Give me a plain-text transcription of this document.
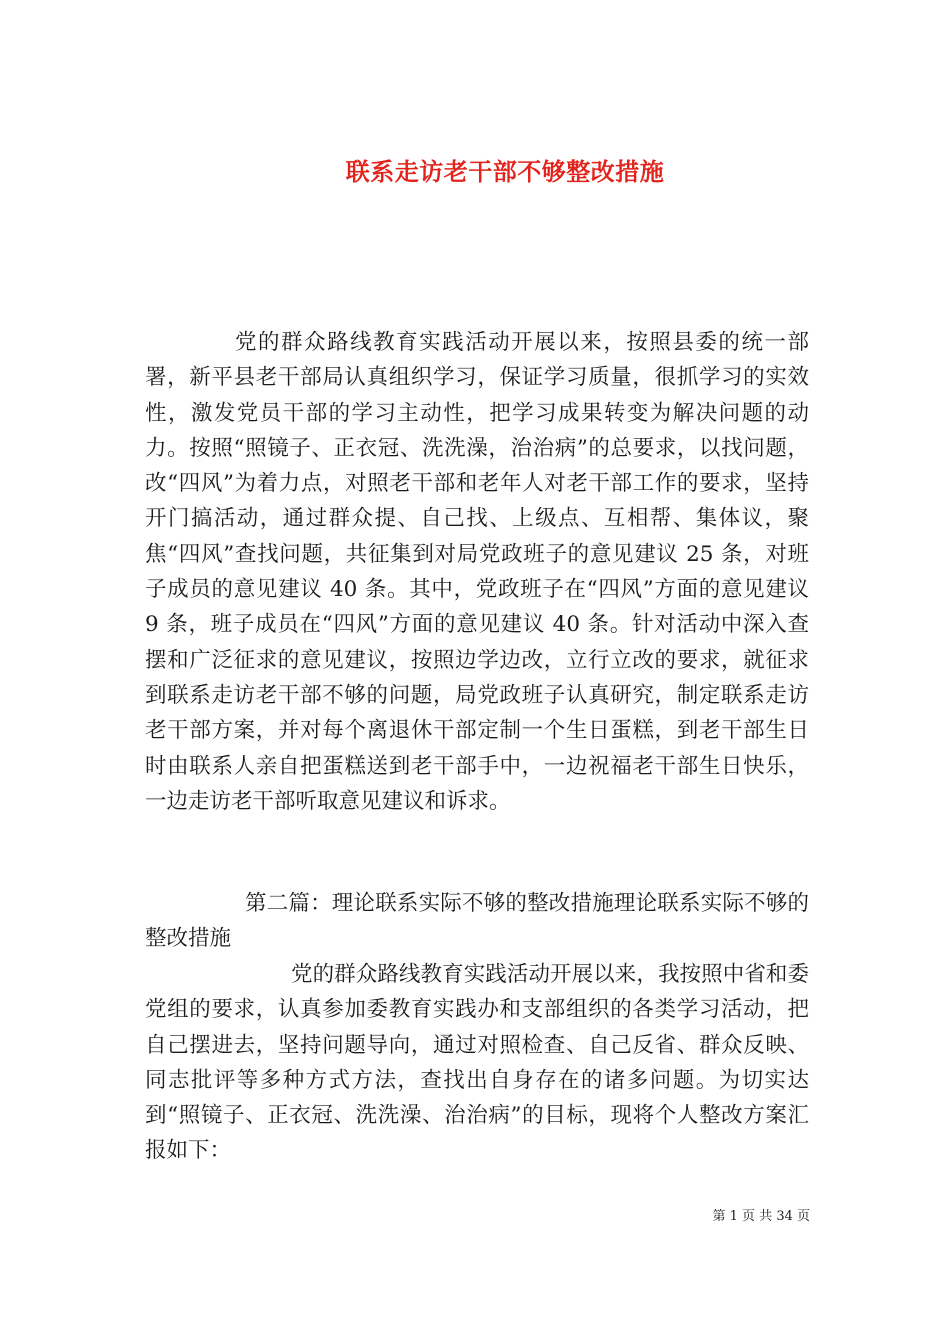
联系走访老干部不够整改措施

党的群众路线教育实践活动开展以来，按照县委的统一部署，新平县老干部局认真组织学习，保证学习质量，很抓学习的实效性，激发党员干部的学习主动性，把学习成果转变为解决问题的动力。按照“照镜子、正衣冠、洗洗澡，治治病”的总要求，以找问题，改“四风”为着力点，对照老干部和老年人对老干部工作的要求，坚持开门搞活动，通过群众提、自己找、上级点、互相帮、集体议，聚焦“四风”查找问题，共征集到对局党政班子的意见建议 25 条，对班子成员的意见建议 40 条。其中，党政班子在“四风”方面的意见建议 9 条，班子成员在“四风”方面的意见建议 40 条。针对活动中深入查摆和广泛征求的意见建议，按照边学边改，立行立改的要求，就征求到联系走访老干部不够的问题，局党政班子认真研究，制定联系走访老干部方案，并对每个离退休干部定制一个生日蛋糕，到老干部生日时由联系人亲自把蛋糕送到老干部手中，一边祝福老干部生日快乐，一边走访老干部听取意见建议和诉求。

第二篇：理论联系实际不够的整改措施理论联系实际不够的整改措施

党的群众路线教育实践活动开展以来，我按照中省和委党组的要求，认真参加委教育实践办和支部组织的各类学习活动，把自己摆进去，坚持问题导向，通过对照检查、自己反省、群众反映、同志批评等多种方式方法，查找出自身存在的诸多问题。为切实达到“照镜子、正衣冠、洗洗澡、治治病”的目标，现将个人整改方案汇报如下：

第 1 页 共 34 页
